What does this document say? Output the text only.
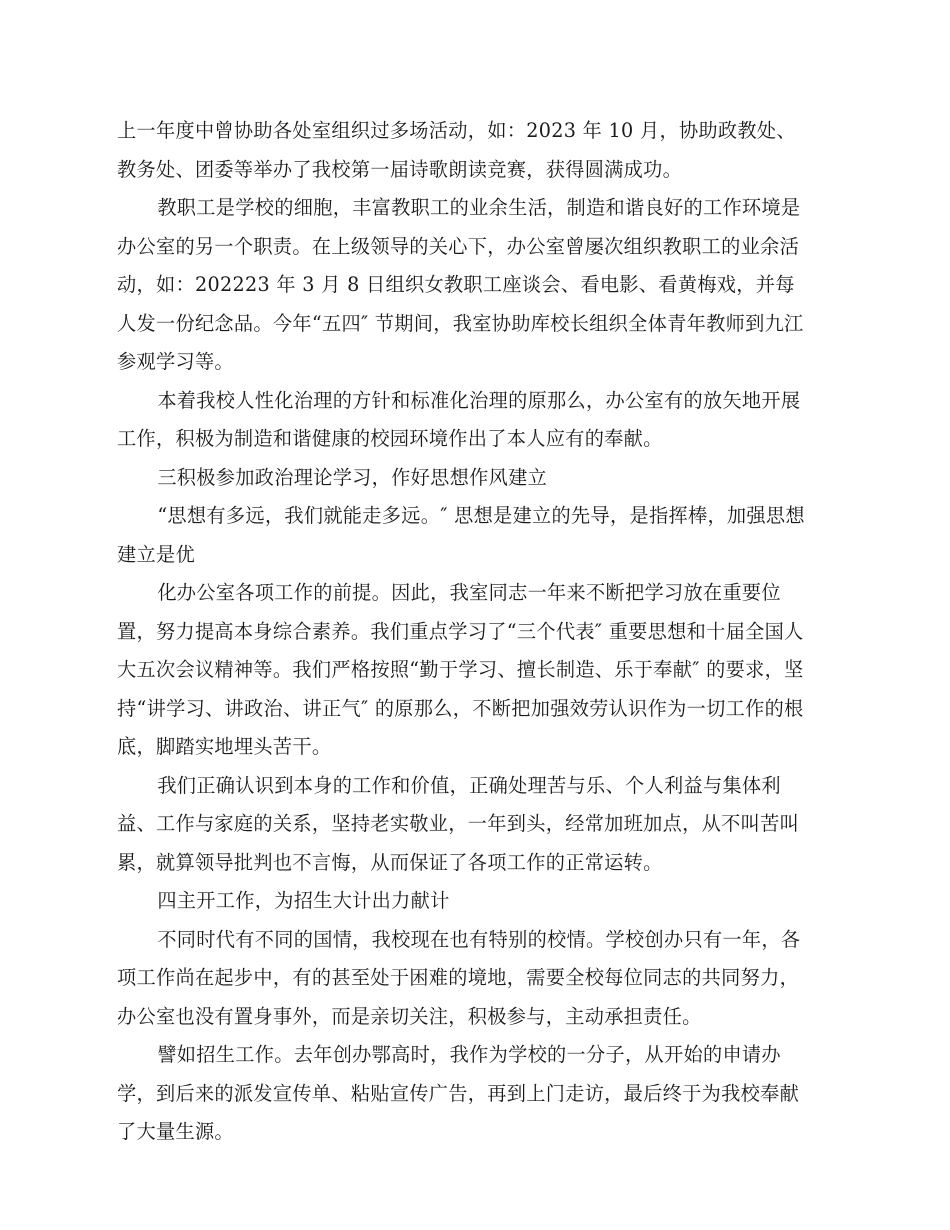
上一年度中曾协助各处室组织过多场活动，如：2023 年 10 月，协助政教处、教务处、团委等举办了我校第一届诗歌朗读竞赛，获得圆满成功。

教职工是学校的细胞，丰富教职工的业余生活，制造和谐良好的工作环境是办公室的另一个职责。在上级领导的关心下，办公室曾屡次组织教职工的业余活动，如：202223 年 3 月 8 日组织女教职工座谈会、看电影、看黄梅戏，并每人发一份纪念品。今年“五四″ 节期间，我室协助库校长组织全体青年教师到九江参观学习等。

本着我校人性化治理的方针和标准化治理的原那么，办公室有的放矢地开展工作，积极为制造和谐健康的校园环境作出了本人应有的奉献。

三积极参加政治理论学习，作好思想作风建立

“思想有多远，我们就能走多远。″ 思想是建立的先导，是指挥棒，加强思想建立是优

化办公室各项工作的前提。因此，我室同志一年来不断把学习放在重要位置，努力提高本身综合素养。我们重点学习了“三个代表″ 重要思想和十届全国人大五次会议精神等。我们严格按照“勤于学习、擅长制造、乐于奉献″ 的要求，坚持“讲学习、讲政治、讲正气″ 的原那么，不断把加强效劳认识作为一切工作的根底，脚踏实地埋头苦干。

我们正确认识到本身的工作和价值，正确处理苦与乐、个人利益与集体利益、工作与家庭的关系，坚持老实敬业，一年到头，经常加班加点，从不叫苦叫累，就算领导批判也不言悔，从而保证了各项工作的正常运转。

四主开工作，为招生大计出力献计

不同时代有不同的国情，我校现在也有特别的校情。学校创办只有一年，各项工作尚在起步中，有的甚至处于困难的境地，需要全校每位同志的共同努力，办公室也没有置身事外，而是亲切关注，积极参与，主动承担责任。

譬如招生工作。去年创办鄂高时，我作为学校的一分子，从开始的申请办学，到后来的派发宣传单、粘贴宣传广告，再到上门走访，最后终于为我校奉献了大量生源。
